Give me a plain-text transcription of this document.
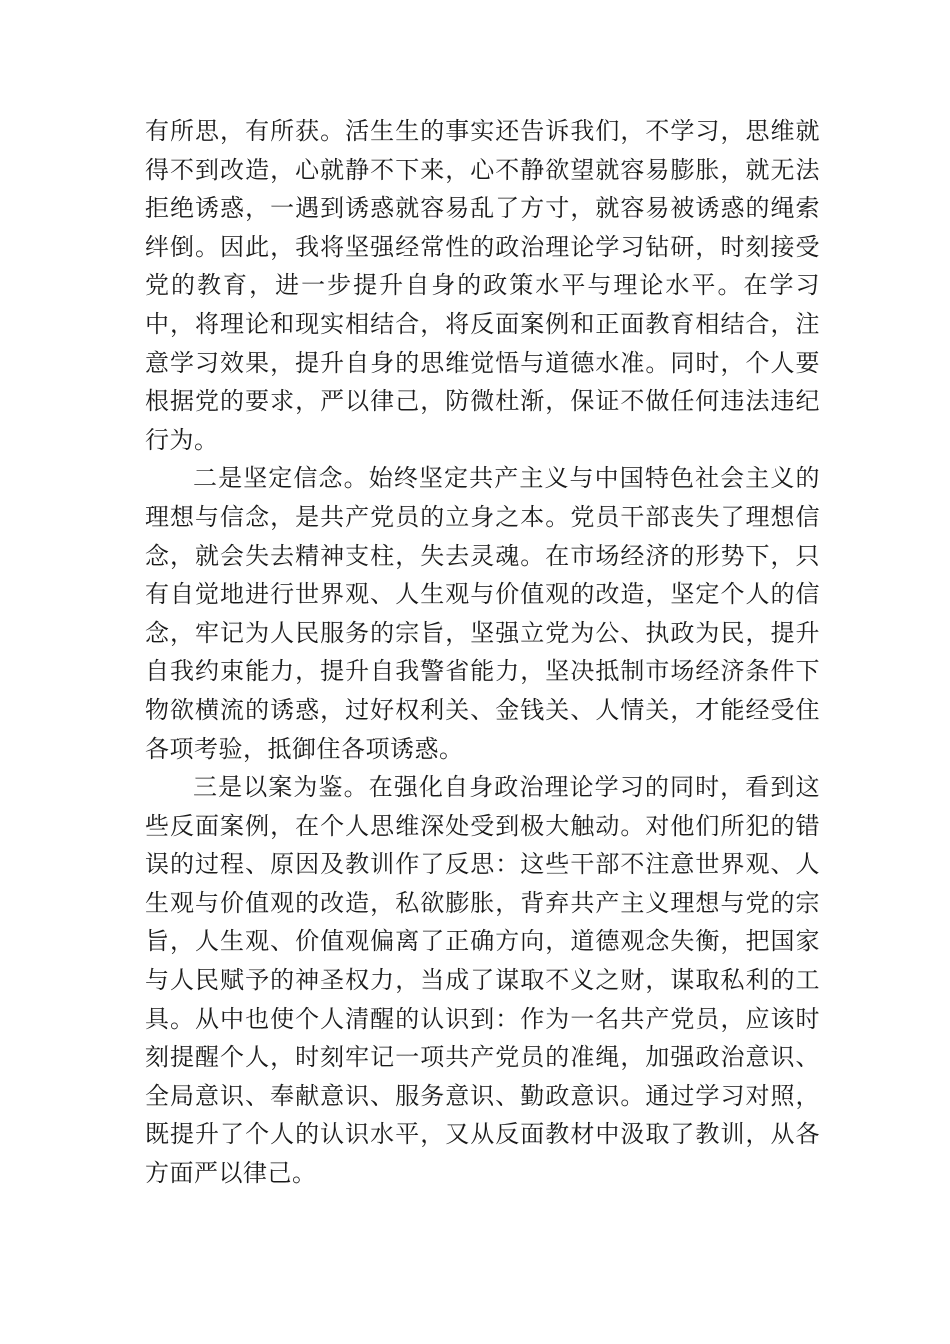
有所思，有所获。活生生的事实还告诉我们，不学习，思维就得不到改造，心就静不下来，心不静欲望就容易膨胀，就无法拒绝诱惑，一遇到诱惑就容易乱了方寸，就容易被诱惑的绳索绊倒。因此，我将坚强经常性的政治理论学习钻研，时刻接受党的教育，进一步提升自身的政策水平与理论水平。在学习中，将理论和现实相结合，将反面案例和正面教育相结合，注意学习效果，提升自身的思维觉悟与道德水准。同时，个人要根据党的要求，严以律己，防微杜渐，保证不做任何违法违纪行为。

二是坚定信念。始终坚定共产主义与中国特色社会主义的理想与信念，是共产党员的立身之本。党员干部丧失了理想信念，就会失去精神支柱，失去灵魂。在市场经济的形势下，只有自觉地进行世界观、人生观与价值观的改造，坚定个人的信念，牢记为人民服务的宗旨，坚强立党为公、执政为民，提升自我约束能力，提升自我警省能力，坚决抵制市场经济条件下物欲横流的诱惑，过好权利关、金钱关、人情关，才能经受住各项考验，抵御住各项诱惑。

三是以案为鉴。在强化自身政治理论学习的同时，看到这些反面案例，在个人思维深处受到极大触动。对他们所犯的错误的过程、原因及教训作了反思：这些干部不注意世界观、人生观与价值观的改造，私欲膨胀，背弃共产主义理想与党的宗旨，人生观、价值观偏离了正确方向，道德观念失衡，把国家与人民赋予的神圣权力，当成了谋取不义之财，谋取私利的工具。从中也使个人清醒的认识到：作为一名共产党员，应该时刻提醒个人，时刻牢记一项共产党员的准绳，加强政治意识、全局意识、奉献意识、服务意识、勤政意识。通过学习对照，既提升了个人的认识水平，又从反面教材中汲取了教训，从各方面严以律己。
